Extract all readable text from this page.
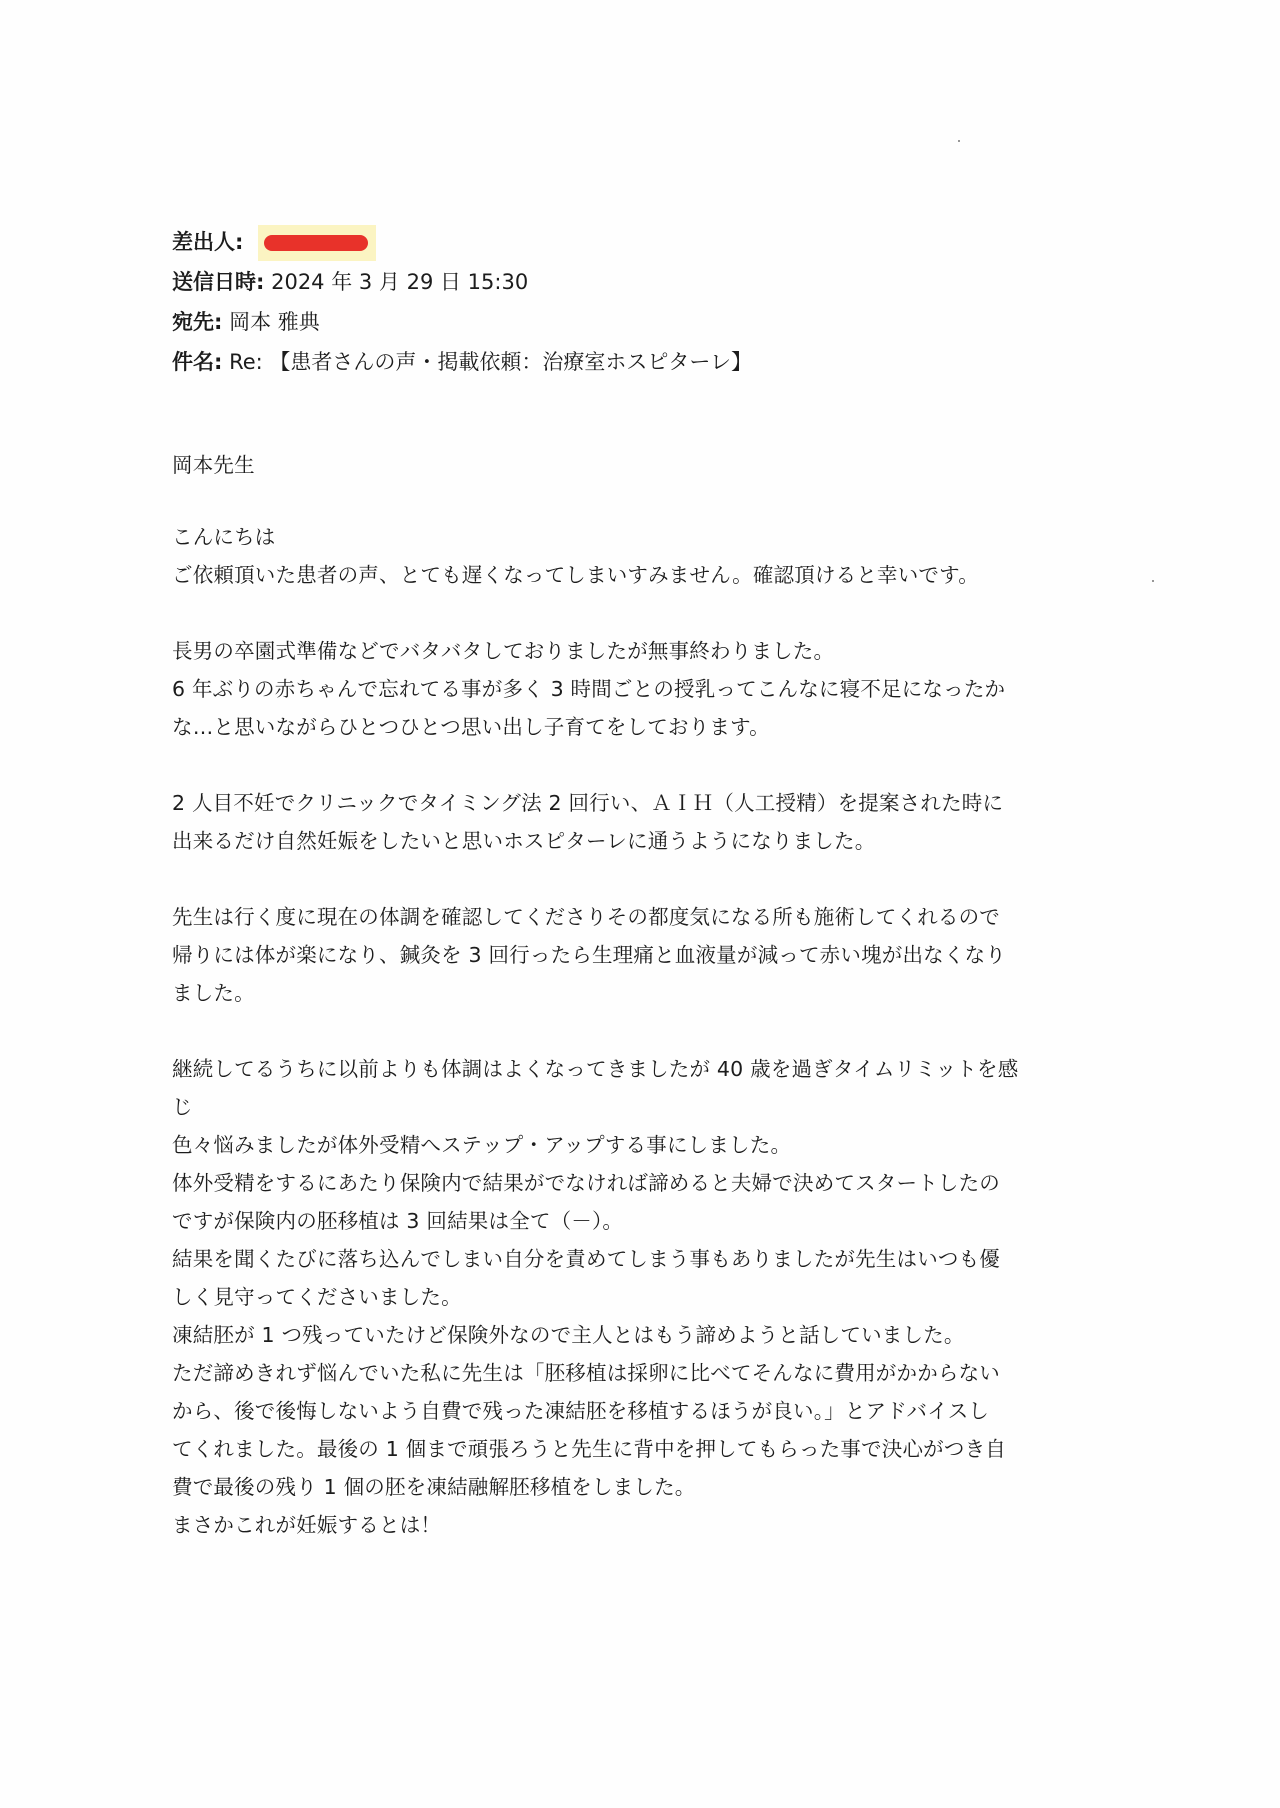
差出人:
送信日時: 2024 年 3 月 29 日 15:30
宛先: 岡本 雅典
件名: Re: 【患者さんの声・掲載依頼：治療室ホスピターレ】
岡本先生
こんにちは
ご依頼頂いた患者の声、とても遅くなってしまいすみません。確認頂けると幸いです。
長男の卒園式準備などでバタバタしておりましたが無事終わりました。
6 年ぶりの赤ちゃんで忘れてる事が多く 3 時間ごとの授乳ってこんなに寝不足になったか
な…と思いながらひとつひとつ思い出し子育てをしております。
2 人目不妊でクリニックでタイミング法 2 回行い、ＡＩＨ（人工授精）を提案された時に
出来るだけ自然妊娠をしたいと思いホスピターレに通うようになりました。
先生は行く度に現在の体調を確認してくださりその都度気になる所も施術してくれるので
帰りには体が楽になり、鍼灸を 3 回行ったら生理痛と血液量が減って赤い塊が出なくなり
ました。
継続してるうちに以前よりも体調はよくなってきましたが 40 歳を過ぎタイムリミットを感
じ
色々悩みましたが体外受精へステップ・アップする事にしました。
体外受精をするにあたり保険内で結果がでなければ諦めると夫婦で決めてスタートしたの
ですが保険内の胚移植は 3 回結果は全て（－）。
結果を聞くたびに落ち込んでしまい自分を責めてしまう事もありましたが先生はいつも優
しく見守ってくださいました。
凍結胚が 1 つ残っていたけど保険外なので主人とはもう諦めようと話していました。
ただ諦めきれず悩んでいた私に先生は「胚移植は採卵に比べてそんなに費用がかからない
から、後で後悔しないよう自費で残った凍結胚を移植するほうが良い。」とアドバイスし
てくれました。最後の 1 個まで頑張ろうと先生に背中を押してもらった事で決心がつき自
費で最後の残り 1 個の胚を凍結融解胚移植をしました。
まさかこれが妊娠するとは！
